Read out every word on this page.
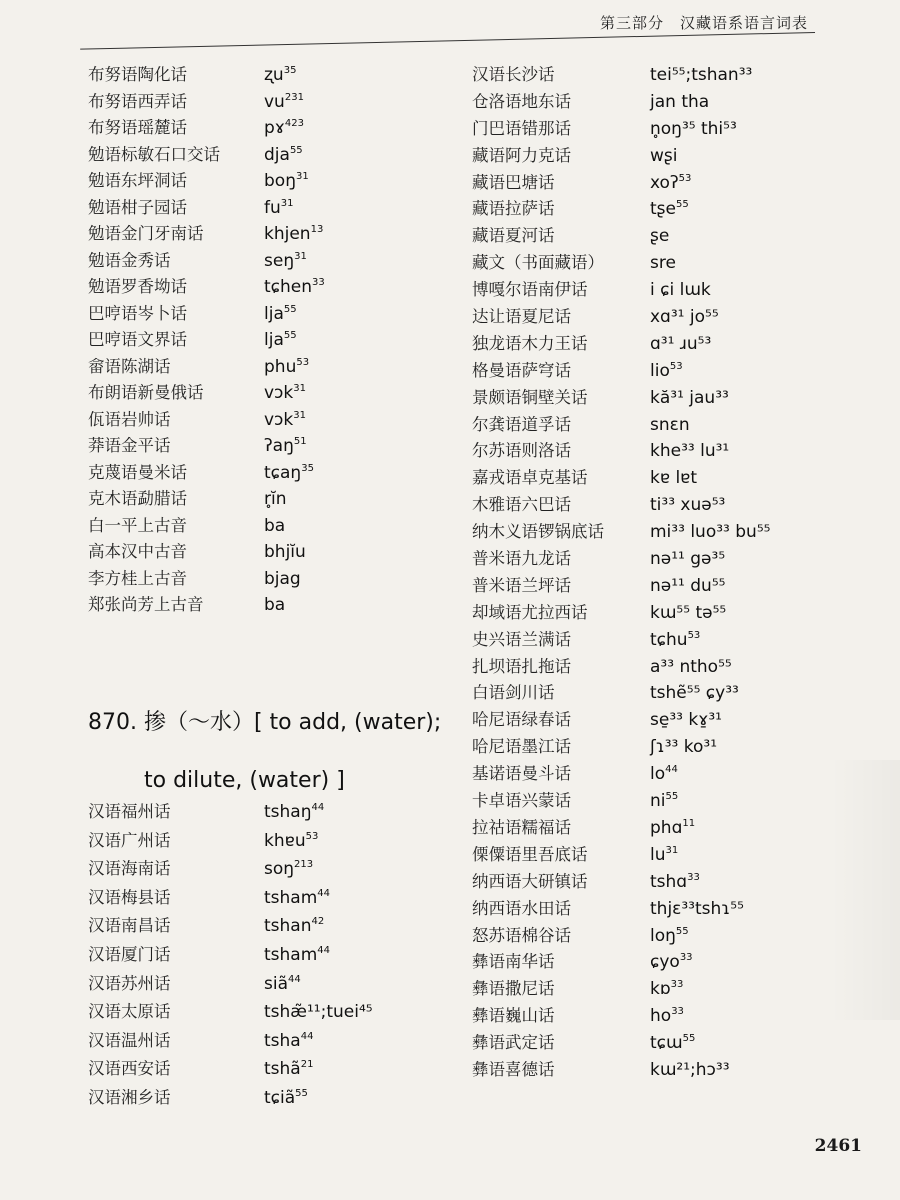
第三部分　汉藏语系语言词表
布努语陶化话	ʐu$^{35}$
布努语西弄话	$vu^{231}$
布努语瑶麓话	pɤ$^{423}$
勉语标敏石口交话	dja$^{55}$
勉语东坪洞话	boŋ$^{31}$
勉语柑子园话	$fu^{31}$
勉语金门牙南话	khjen$^{13}$
勉语金秀话	seŋ$^{31}$
勉语罗香坳话	tɕhen$^{33}$
巴哼语岑卜话	lja$^{55}$
巴哼语文界话	lja$^{55}$
畲语陈湖话	phu$^{53}$
布朗语新曼俄话	vɔk$^{31}$
佤语岩帅话	vɔk$^{31}$
莽语金平话	ʔaŋ$^{51}$
克蔑语曼米话	tɕaŋ$^{35}$
克木语勐腊话	r̥ĭn
白一平上古音	ba
高本汉中古音	bhjĭu
李方桂上古音	bjag
郑张尚芳上古音	ba
870. 掺（～水）[ to add, (water);
to dilute, (water) ]
汉语福州话	tshaŋ$^{44}$
汉语广州话	khɐu$^{53}$
汉语海南话	soŋ$^{213}$
汉语梅县话	tsham$^{44}$
汉语南昌话	tshan$^{42}$
汉语厦门话	tsham$^{44}$
汉语苏州话	siã$^{44}$
汉语太原话	tshæ̃¹¹;tuei⁴⁵
汉语温州话	tsha$^{44}$
汉语西安话	tshã$^{21}$
汉语湘乡话	tɕiã$^{55}$
汉语长沙话	tei⁵⁵;tshan³³
仓洛语地东话	jan tha
门巴语错那话	n̥oŋ³⁵ thi⁵³
藏语阿力克话	wʂi
藏语巴塘话	xoʔ$^{53}$
藏语拉萨话	tʂe$^{55}$
藏语夏河话	ʂe
藏文（书面藏语）	sre
博嘎尔语南伊话	i ɕi lɯk
达让语夏尼话	xɑ³¹ jo⁵⁵
独龙语木力王话	ɑ³¹ ɹu⁵³
格曼语萨穹话	lio$^{53}$
景颇语铜壁关话	kă³¹ jau³³
尔龚语道孚话	snɛn
尔苏语则洛话	khe³³ lu³¹
嘉戎语卓克基话	kɐ lɐt
木雅语六巴话	ti³³ xuə⁵³
纳木义语锣锅底话	mi³³ luo³³ bu⁵⁵
普米语九龙话	nə¹¹ gə³⁵
普米语兰坪话	nə¹¹ du⁵⁵
却域语尤拉西话	kɯ⁵⁵ tə⁵⁵
史兴语兰满话	tɕhu$^{53}$
扎坝语扎拖话	a³³ ntho⁵⁵
白语剑川话	tshẽ⁵⁵ ɕy³³
哈尼语绿春话	se̱³³ kɤ̱³¹
哈尼语墨江话	ʃɿ³³ ko³¹
基诺语曼斗话	$lo^{44}$
卡卓语兴蒙话	$ni^{55}$
拉祜语糯福话	phɑ$^{11}$
傈僳语里吾底话	$lu^{31}$
纳西语大研镇话	tshɑ$^{33}$
纳西语水田话	thjɛ³³tshɿ⁵⁵
怒苏语棉谷话	loŋ$^{55}$
彝语南华话	ɕyo$^{33}$
彝语撒尼话	kɒ$^{33}$
彝语巍山话	$ho^{33}$
彝语武定话	tɕɯ$^{55}$
彝语喜德话	kɯ²¹;hɔ³³
2461
